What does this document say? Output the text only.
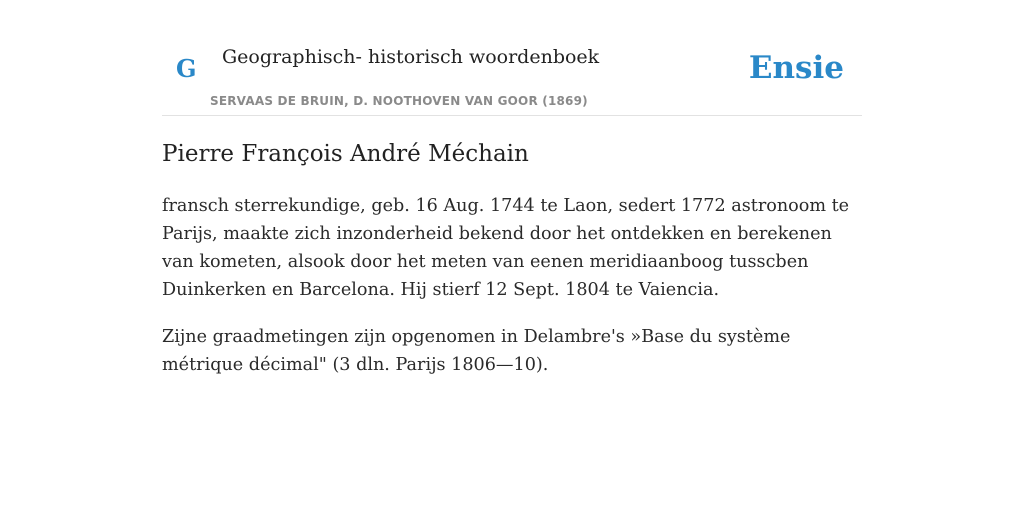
G Geographisch- historisch woordenboek
SERVAAS DE BRUIN, D. NOOTHOVEN VAN GOOR (1869)
Ensie
Pierre François André Méchain

fransch sterrekundige, geb. 16 Aug. 1744 te Laon, sedert 1772 astronoom te Parijs, maakte zich inzonderheid bekend door het ontdekken en berekenen van kometen, alsook door het meten van eenen meridiaanboog tusscben Duinkerken en Barcelona. Hij stierf 12 Sept. 1804 te Vaiencia.

Zijne graadmetingen zijn opgenomen in Delambre's »Base du système métrique décimal" (3 dln. Parijs 1806—10).
